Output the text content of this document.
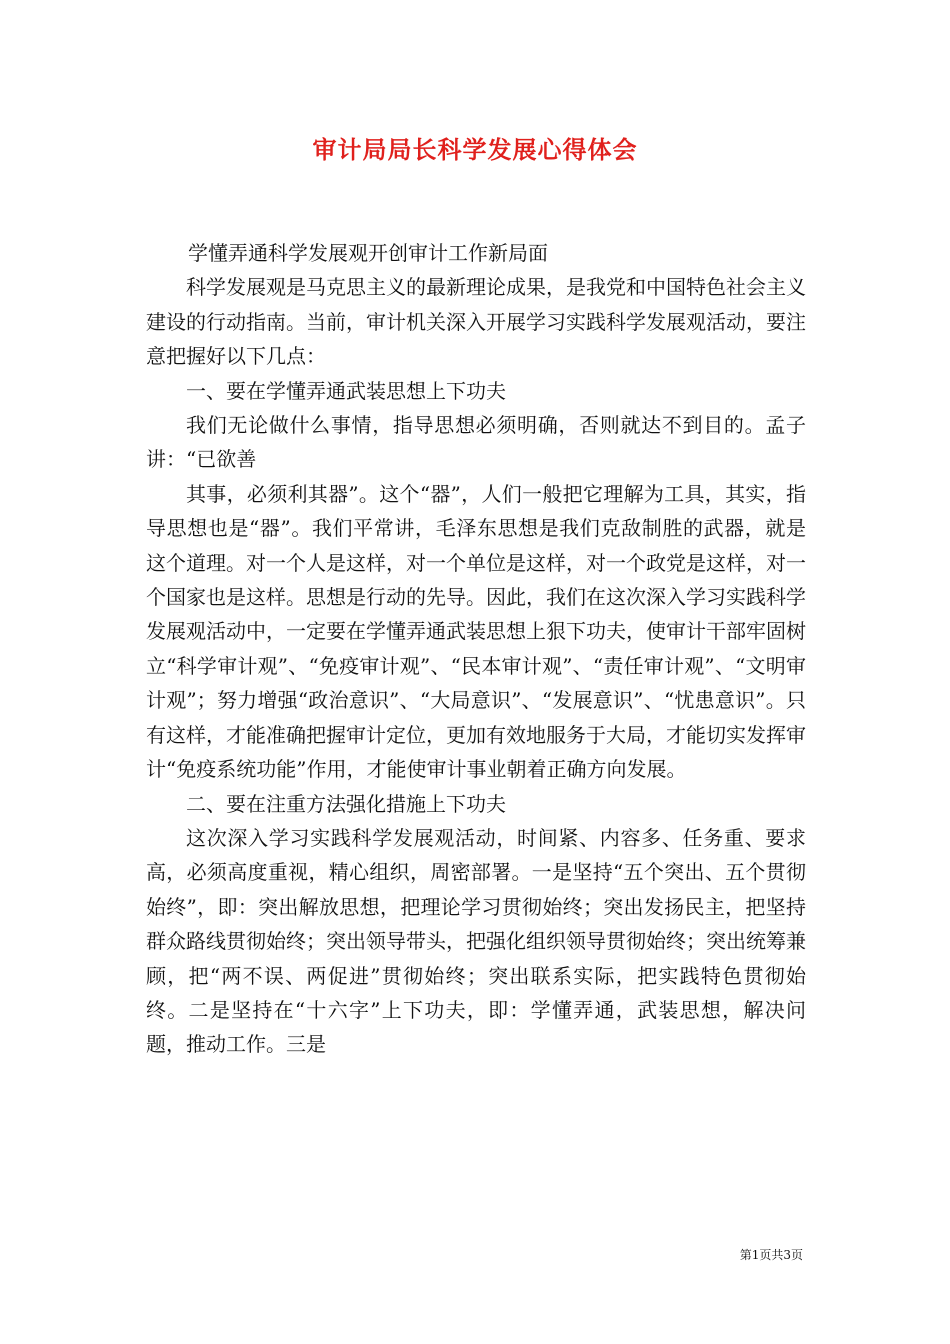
审计局局长科学发展心得体会

学懂弄通科学发展观开创审计工作新局面

科学发展观是马克思主义的最新理论成果，是我党和中国特色社会主义建设的行动指南。当前，审计机关深入开展学习实践科学发展观活动，要注意把握好以下几点：

一、要在学懂弄通武装思想上下功夫

我们无论做什么事情，指导思想必须明确，否则就达不到目的。孟子讲：“已欲善

其事，必须利其器”。这个“器”，人们一般把它理解为工具，其实，指导思想也是“器”。我们平常讲，毛泽东思想是我们克敌制胜的武器，就是这个道理。对一个人是这样，对一个单位是这样，对一个政党是这样，对一个国家也是这样。思想是行动的先导。因此，我们在这次深入学习实践科学发展观活动中，一定要在学懂弄通武装思想上狠下功夫，使审计干部牢固树立“科学审计观”、“免疫审计观”、“民本审计观”、“责任审计观”、“文明审计观”；努力增强“政治意识”、“大局意识”、“发展意识”、“忧患意识”。只有这样，才能准确把握审计定位，更加有效地服务于大局，才能切实发挥审计“免疫系统功能”作用，才能使审计事业朝着正确方向发展。

二、要在注重方法强化措施上下功夫

这次深入学习实践科学发展观活动，时间紧、内容多、任务重、要求高，必须高度重视，精心组织，周密部署。一是坚持“五个突出、五个贯彻始终”，即：突出解放思想，把理论学习贯彻始终；突出发扬民主，把坚持群众路线贯彻始终；突出领导带头，把强化组织领导贯彻始终；突出统筹兼顾，把“两不误、两促进”贯彻始终；突出联系实际，把实践特色贯彻始终。二是坚持在“十六字”上下功夫，即：学懂弄通，武装思想，解决问题，推动工作。三是

第1页共3页
